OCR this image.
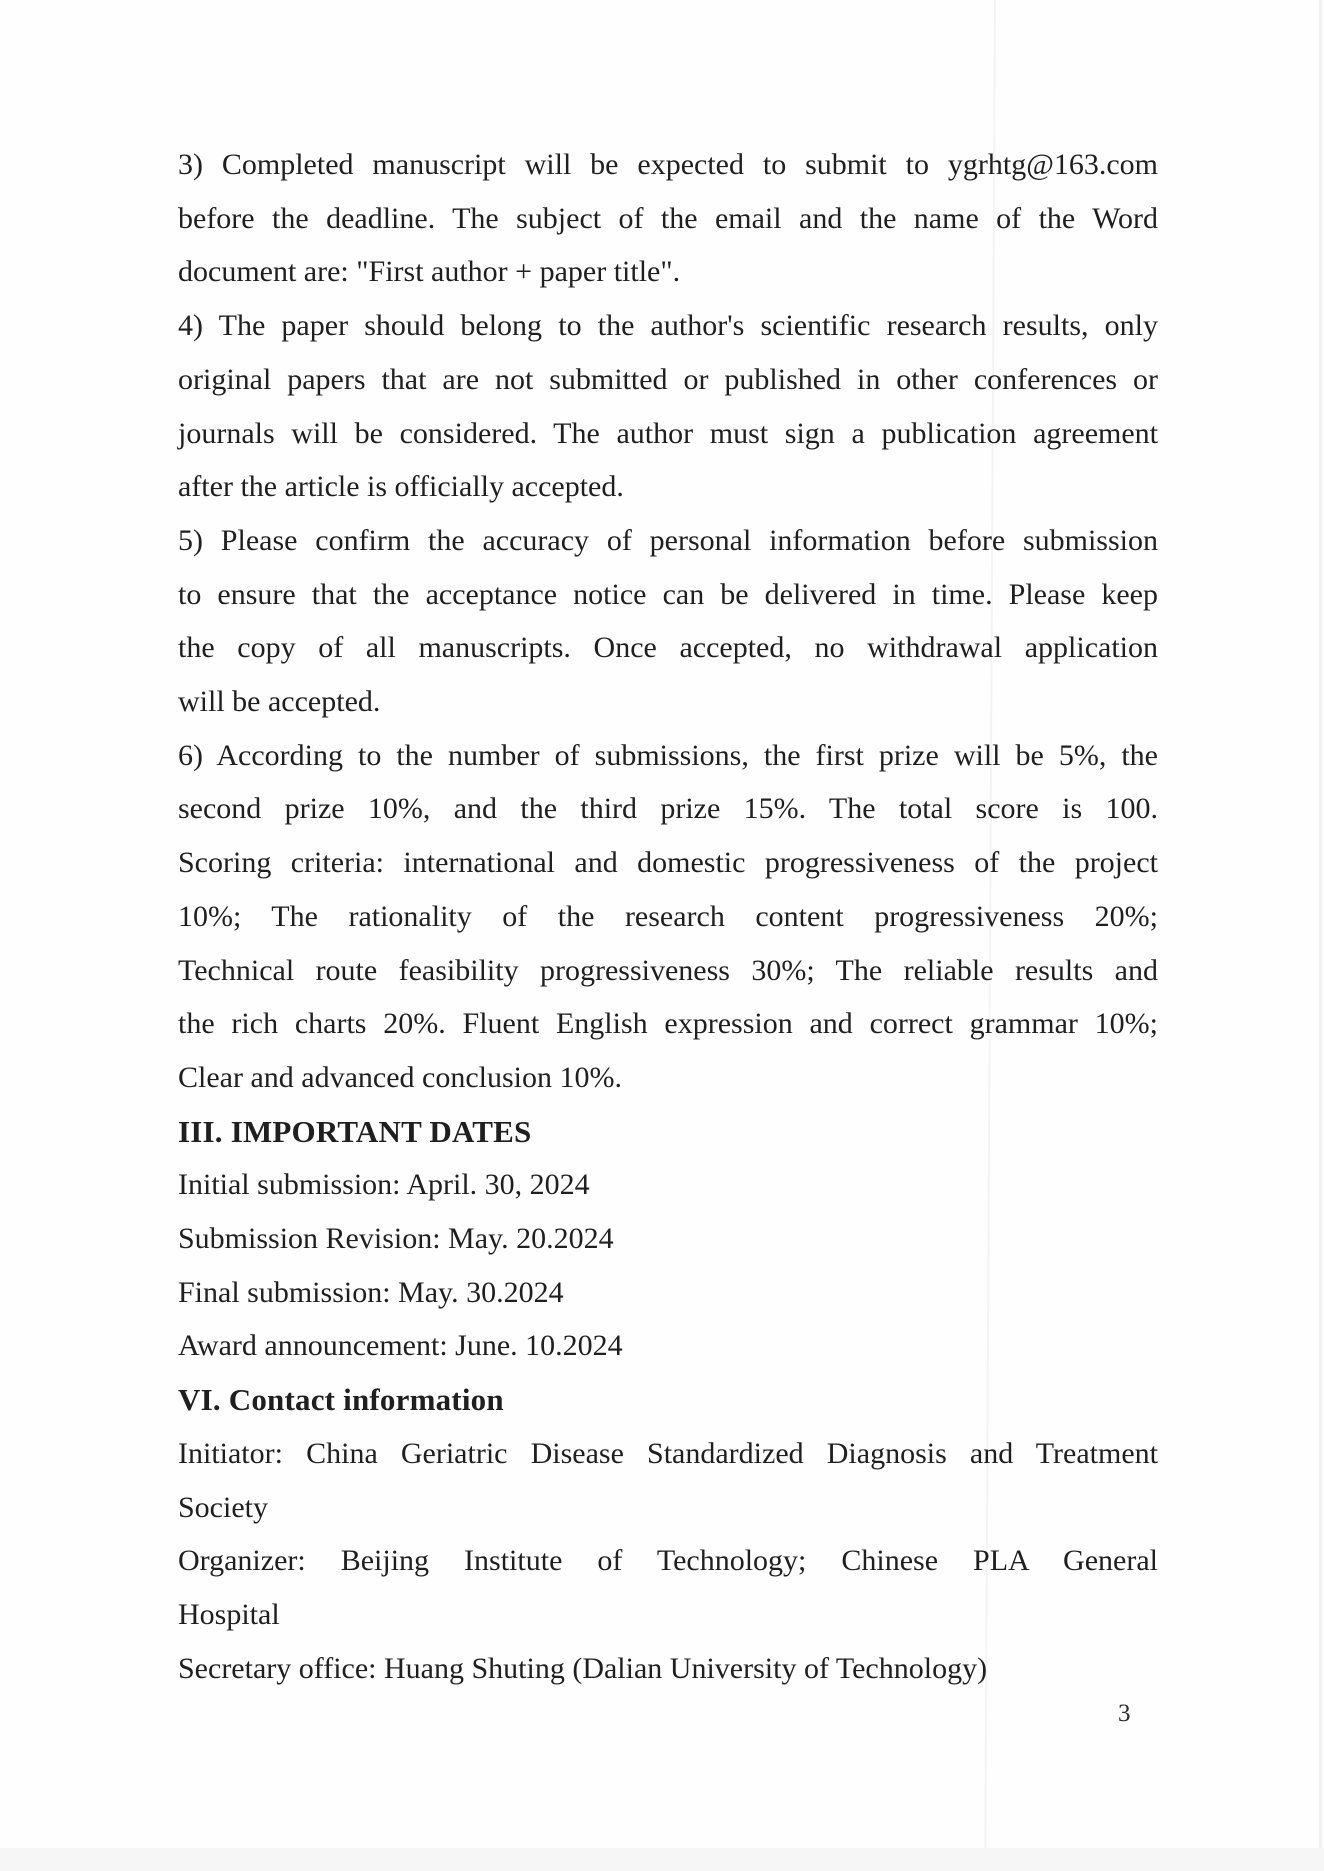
3) Completed manuscript will be expected to submit to ygrhtg@163.com
before the deadline. The subject of the email and the name of the Word
document are: "First author + paper title".
4) The paper should belong to the author's scientific research results, only
original papers that are not submitted or published in other conferences or
journals will be considered. The author must sign a publication agreement
after the article is officially accepted.
5) Please confirm the accuracy of personal information before submission
to ensure that the acceptance notice can be delivered in time. Please keep
the copy of all manuscripts. Once accepted, no withdrawal application
will be accepted.
6) According to the number of submissions, the first prize will be 5%, the
second prize 10%, and the third prize 15%. The total score is 100.
Scoring criteria: international and domestic progressiveness of the project
10%; The rationality of the research content progressiveness 20%;
Technical route feasibility progressiveness 30%; The reliable results and
the rich charts 20%. Fluent English expression and correct grammar 10%;
Clear and advanced conclusion 10%.
III. IMPORTANT DATES
Initial submission: April. 30, 2024
Submission Revision: May. 20.2024
Final submission: May. 30.2024
Award announcement: June. 10.2024
VI. Contact information
Initiator: China Geriatric Disease Standardized Diagnosis and Treatment
Society
Organizer: Beijing Institute of Technology; Chinese PLA General
Hospital
Secretary office: Huang Shuting (Dalian University of Technology)
3
